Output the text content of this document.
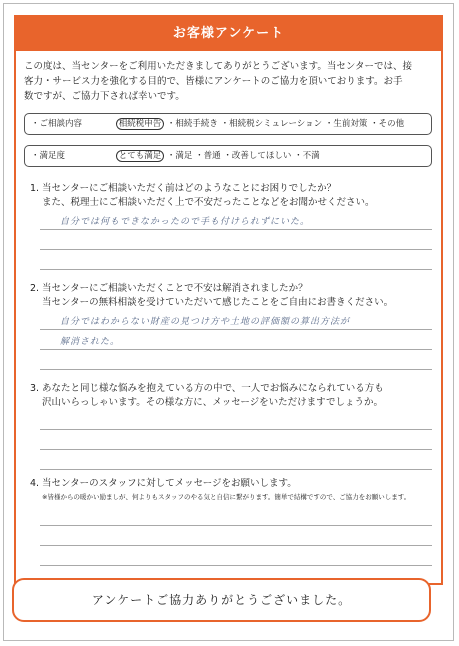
お客様アンケート
この度は、当センターをご利用いただきましてありがとうございます。当センターでは、接
客力・サービス力を強化する目的で、皆様にアンケートのご協力を頂いております。お手
数ですが、ご協力下されば幸いです。
・ご相談内容	相続税申告 ・相続手続き ・相続税シミュレーション ・生前対策 ・その他
・満足度	とても満足 ・満足 ・普通 ・改善してほしい ・不満
1. 当センターにご相談いただく前はどのようなことにお困りでしたか？
また、税理士にご相談いただく上で不安だったことなどをお聞かせください。
自分では何もできなかったので手も付けられずにいた。
2. 当センターにご相談いただくことで不安は解消されましたか？
当センターの無料相談を受けていただいて感じたことをご自由にお書きください。
自分ではわからない財産の見つけ方や土地の評価額の算出方法が
解消された。
3. あなたと同じ様な悩みを抱えている方の中で、一人でお悩みになられている方も
沢山いらっしゃいます。その様な方に、メッセージをいただけますでしょうか。
4. 当センターのスタッフに対してメッセージをお願いします。
※皆様からの暖かい励ましが、何よりもスタッフのやる気と自信に繋がります。簡単で結構ですので、ご協力をお願いします。
アンケートご協力ありがとうございました。
